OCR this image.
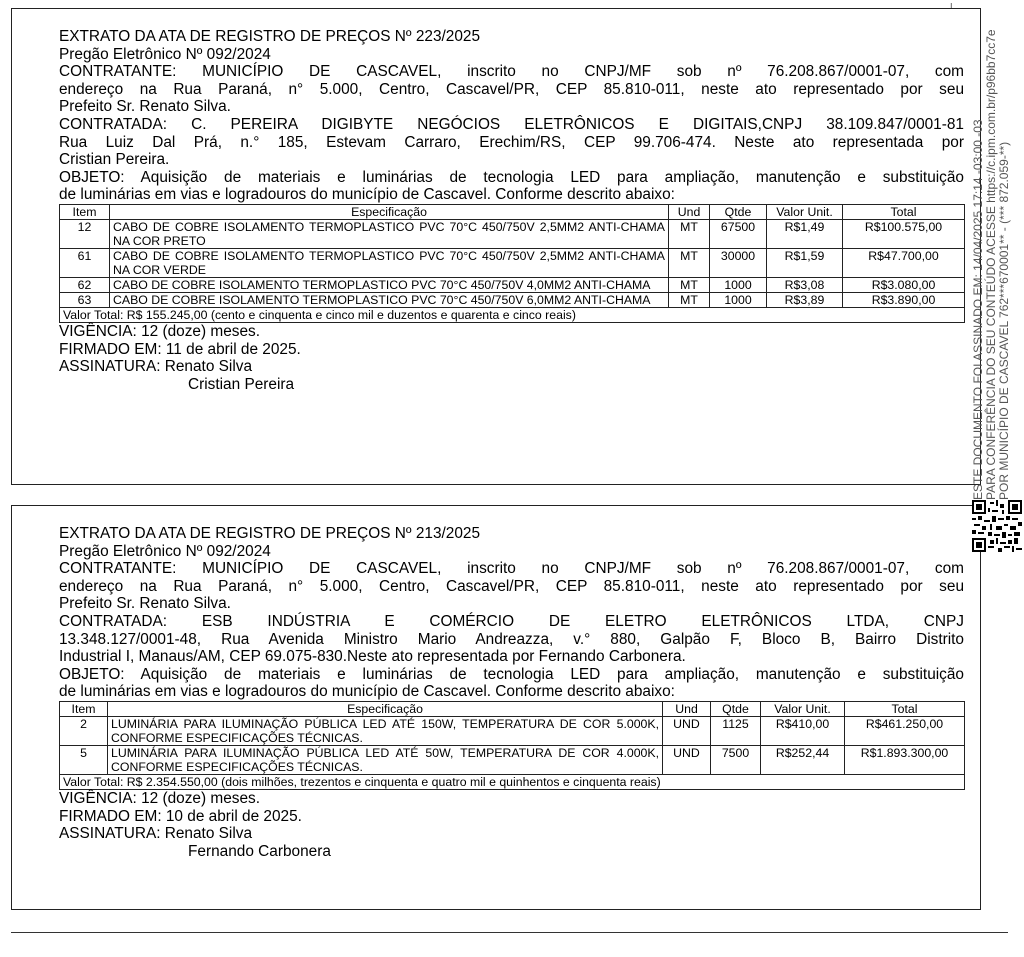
ı
EXTRATO DA ATA DE REGISTRO DE PREÇOS Nº 223/2025
Pregão Eletrônico Nº 092/2024
CONTRATANTE: MUNICÍPIO DE CASCAVEL, inscrito no CNPJ/MF sob nº 76.208.867/0001-07, com
endereço na Rua Paraná, n° 5.000, Centro, Cascavel/PR, CEP 85.810-011, neste ato representado por seu
Prefeito Sr. Renato Silva.
CONTRATADA: C. PEREIRA DIGIBYTE NEGÓCIOS ELETRÔNICOS E DIGITAIS,CNPJ 38.109.847/0001-81
Rua Luiz Dal Prá, n.° 185, Estevam Carraro, Erechim/RS, CEP 99.706-474. Neste ato representada por
Cristian Pereira.
OBJETO: Aquisição de materiais e luminárias de tecnologia LED para ampliação, manutenção e substituição
de luminárias em vias e logradouros do município de Cascavel. Conforme descrito abaixo:
Item	Especificação	Und	Qtde	Valor Unit.	Total
12	CABO DE COBRE ISOLAMENTO TERMOPLASTICO PVC 70°C 450/750V 2,5MM2 ANTI-CHAMA NA COR PRETO	MT	67500	R$1,49	R$100.575,00
61	CABO DE COBRE ISOLAMENTO TERMOPLASTICO PVC 70°C 450/750V 2,5MM2 ANTI-CHAMA NA COR VERDE	MT	30000	R$1,59	R$47.700,00
62	CABO DE COBRE ISOLAMENTO TERMOPLASTICO PVC 70°C 450/750V 4,0MM2 ANTI-CHAMA	MT	1000	R$3,08	R$3.080,00
63	CABO DE COBRE ISOLAMENTO TERMOPLASTICO PVC 70°C 450/750V 6,0MM2 ANTI-CHAMA	MT	1000	R$3,89	R$3.890,00
Valor Total: R$ 155.245,00 (cento e cinquenta e cinco mil e duzentos e quarenta e cinco reais)					
VIGÊNCIA: 12 (doze) meses.
FIRMADO EM: 11 de abril de 2025.
ASSINATURA: Renato Silva
Cristian Pereira
EXTRATO DA ATA DE REGISTRO DE PREÇOS Nº 213/2025
Pregão Eletrônico Nº 092/2024
CONTRATANTE: MUNICÍPIO DE CASCAVEL, inscrito no CNPJ/MF sob nº 76.208.867/0001-07, com
endereço na Rua Paraná, n° 5.000, Centro, Cascavel/PR, CEP 85.810-011, neste ato representado por seu
Prefeito Sr. Renato Silva.
CONTRATADA: ESB INDÚSTRIA E COMÉRCIO DE ELETRO ELETRÔNICOS LTDA, CNPJ
13.348.127/0001-48, Rua Avenida Ministro Mario Andreazza, v.° 880, Galpão F, Bloco B, Bairro Distrito
Industrial I, Manaus/AM, CEP 69.075-830.Neste ato representada por Fernando Carbonera.
OBJETO: Aquisição de materiais e luminárias de tecnologia LED para ampliação, manutenção e substituição
de luminárias em vias e logradouros do município de Cascavel. Conforme descrito abaixo:
Item	Especificação	Und	Qtde	Valor Unit.	Total
2	LUMINÁRIA PARA ILUMINAÇÃO PÚBLICA LED ATÉ 150W, TEMPERATURA DE COR 5.000K, CONFORME ESPECIFICAÇÕES TÉCNICAS.	UND	1125	R$410,00	R$461.250,00
5	LUMINÁRIA PARA ILUMINAÇÃO PÚBLICA LED ATÉ 50W, TEMPERATURA DE COR 4.000K, CONFORME ESPECIFICAÇÕES TÉCNICAS.	UND	7500	R$252,44	R$1.893.300,00
Valor Total: R$ 2.354.550,00 (dois milhões, trezentos e cinquenta e quatro mil e quinhentos e cinquenta reais)					
VIGÊNCIA: 12 (doze) meses.
FIRMADO EM: 10 de abril de 2025.
ASSINATURA: Renato Silva
Fernando Carbonera
ESTE DOCUMENTO FOI ASSINADO EM: 14/04/2025 17:14 -03:00 -03 PARA CONFERÊNCIA DO SEU CONTEÚDO ACESSE https://c.ipm.com.br/p96bb7cc7e POR MUNICÍPIO DE CASCAVEL 762***670001** - (*** 872.059-**)
